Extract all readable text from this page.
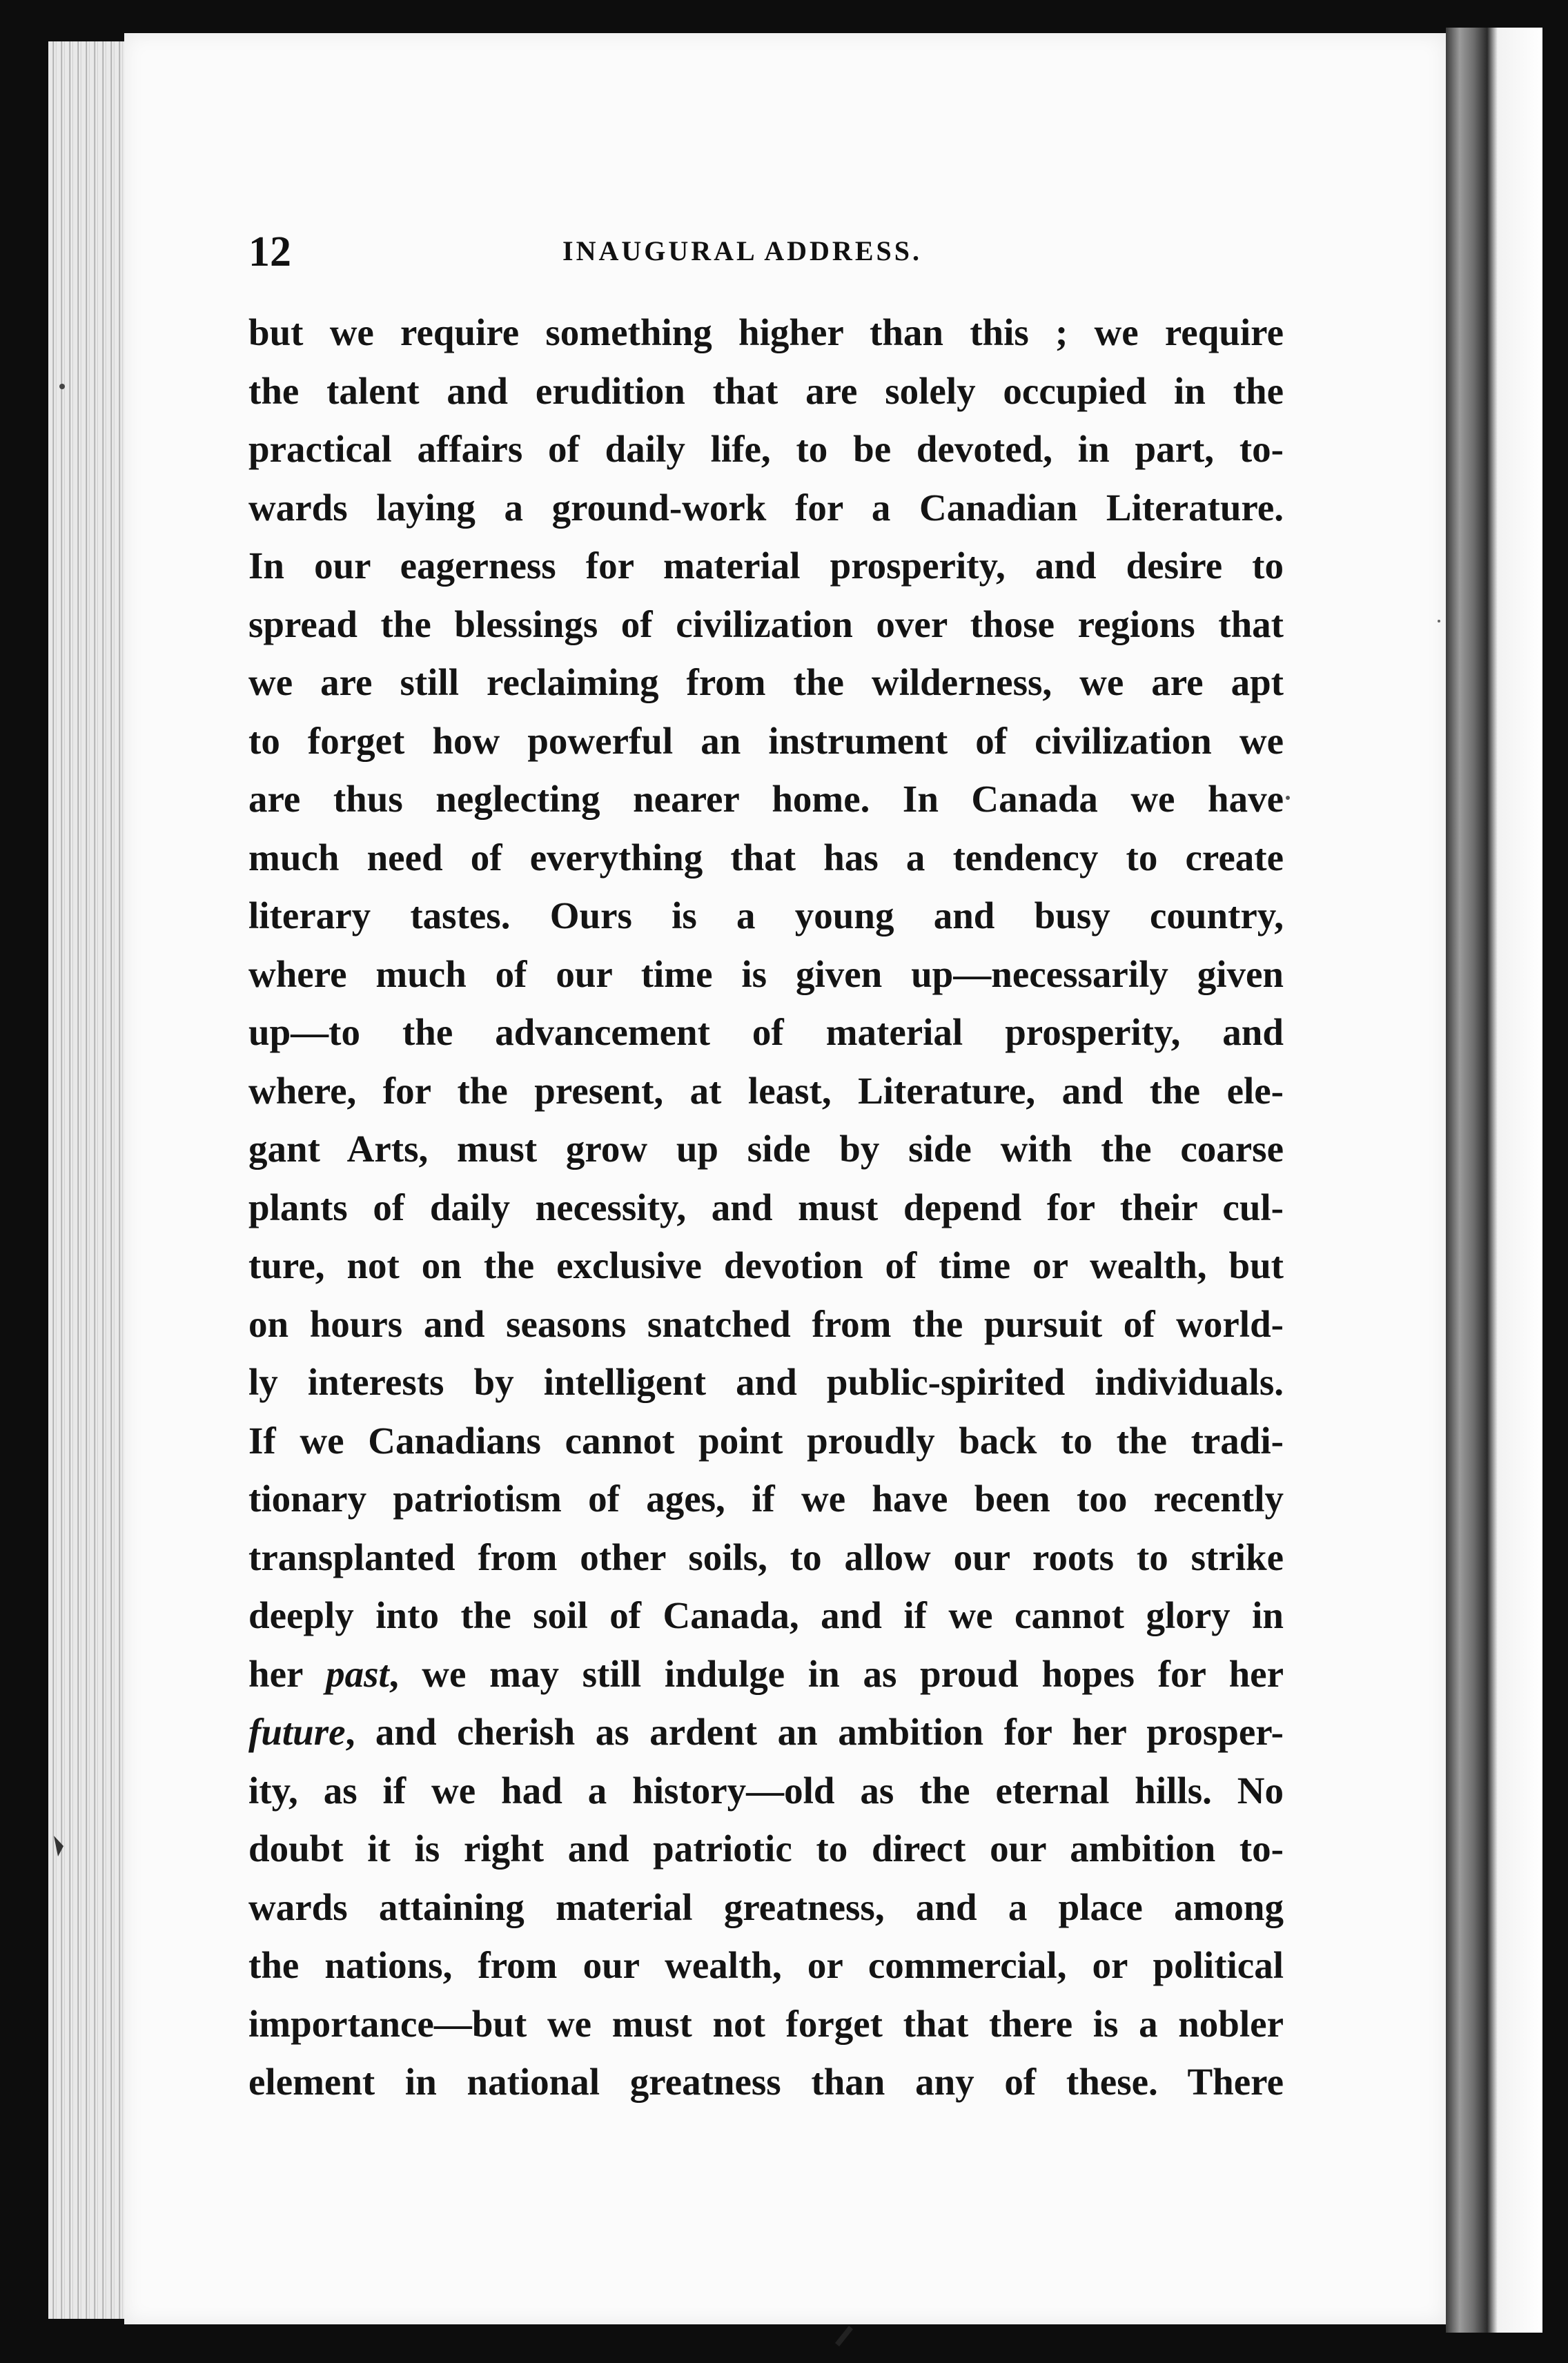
12	INAUGURAL ADDRESS.
but we require something higher than this ; we require
the talent and erudition that are solely occupied in the
practical affairs of daily life, to be devoted, in part, to-
wards laying a ground-work for a Canadian Literature.
In our eagerness for material prosperity, and desire to
spread the blessings of civilization over those regions that
we are still reclaiming from the wilderness, we are apt
to forget how powerful an instrument of civilization we
are thus neglecting nearer home. In Canada we have
much need of everything that has a tendency to create
literary tastes. Ours is a young and busy country,
where much of our time is given up—necessarily given
up—to the advancement of material prosperity, and
where, for the present, at least, Literature, and the ele-
gant Arts, must grow up side by side with the coarse
plants of daily necessity, and must depend for their cul-
ture, not on the exclusive devotion of time or wealth, but
on hours and seasons snatched from the pursuit of world-
ly interests by intelligent and public-spirited individuals.
If we Canadians cannot point proudly back to the tradi-
tionary patriotism of ages, if we have been too recently
transplanted from other soils, to allow our roots to strike
deeply into the soil of Canada, and if we cannot glory in
her past, we may still indulge in as proud hopes for her
future, and cherish as ardent an ambition for her prosper-
ity, as if we had a history—old as the eternal hills. No
doubt it is right and patriotic to direct our ambition to-
wards attaining material greatness, and a place among
the nations, from our wealth, or commercial, or political
importance—but we must not forget that there is a nobler
element in national greatness than any of these. There
